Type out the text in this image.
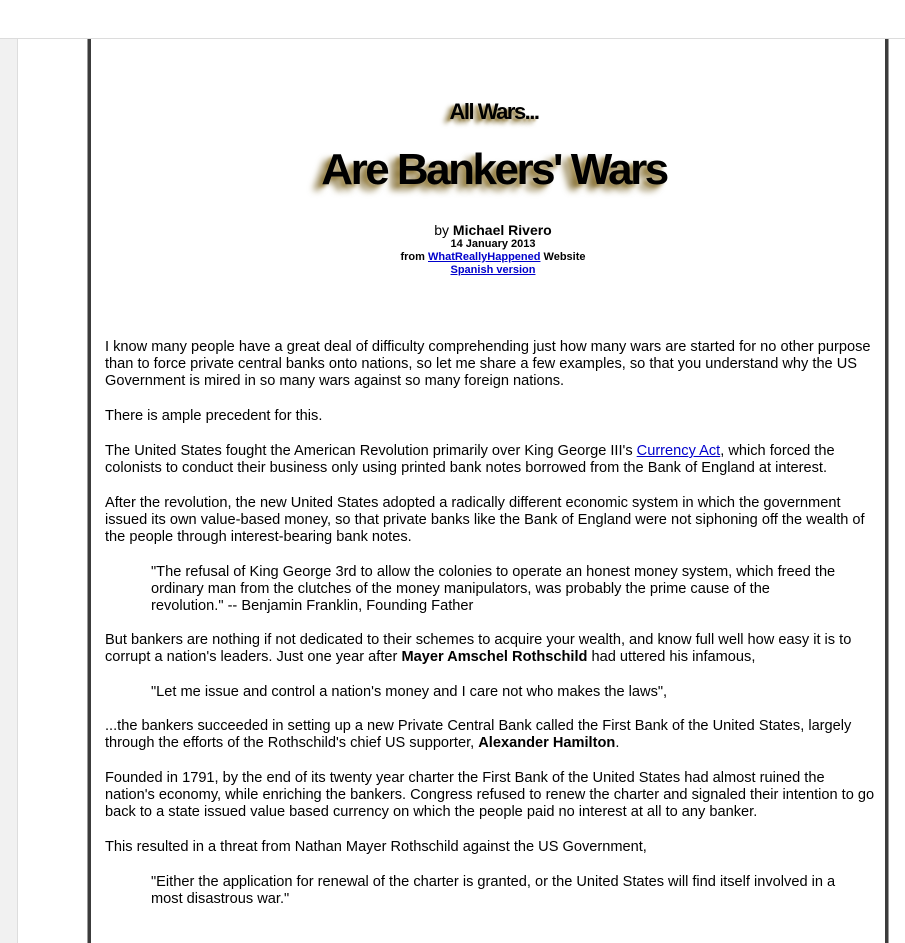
All Wars...
Are Bankers' Wars
by Michael Rivero
14 January 2013
from WhatReallyHappened Website
Spanish version

I know many people have a great deal of difficulty comprehending just how many wars are started for no other purpose than to force private central banks onto nations, so let me share a few examples, so that you understand why the US Government is mired in so many wars against so many foreign nations.

There is ample precedent for this.

The United States fought the American Revolution primarily over King George III's Currency Act, which forced the colonists to conduct their business only using printed bank notes borrowed from the Bank of England at interest.

After the revolution, the new United States adopted a radically different economic system in which the government issued its own value-based money, so that private banks like the Bank of England were not siphoning off the wealth of the people through interest-bearing bank notes.

"The refusal of King George 3rd to allow the colonies to operate an honest money system, which freed the ordinary man from the clutches of the money manipulators, was probably the prime cause of the revolution." -- Benjamin Franklin, Founding Father

But bankers are nothing if not dedicated to their schemes to acquire your wealth, and know full well how easy it is to corrupt a nation's leaders. Just one year after Mayer Amschel Rothschild had uttered his infamous,

"Let me issue and control a nation's money and I care not who makes the laws",

...the bankers succeeded in setting up a new Private Central Bank called the First Bank of the United States, largely through the efforts of the Rothschild's chief US supporter, Alexander Hamilton.

Founded in 1791, by the end of its twenty year charter the First Bank of the United States had almost ruined the nation's economy, while enriching the bankers. Congress refused to renew the charter and signaled their intention to go back to a state issued value based currency on which the people paid no interest at all to any banker.

This resulted in a threat from Nathan Mayer Rothschild against the US Government,

"Either the application for renewal of the charter is granted, or the United States will find itself involved in a most disastrous war."
